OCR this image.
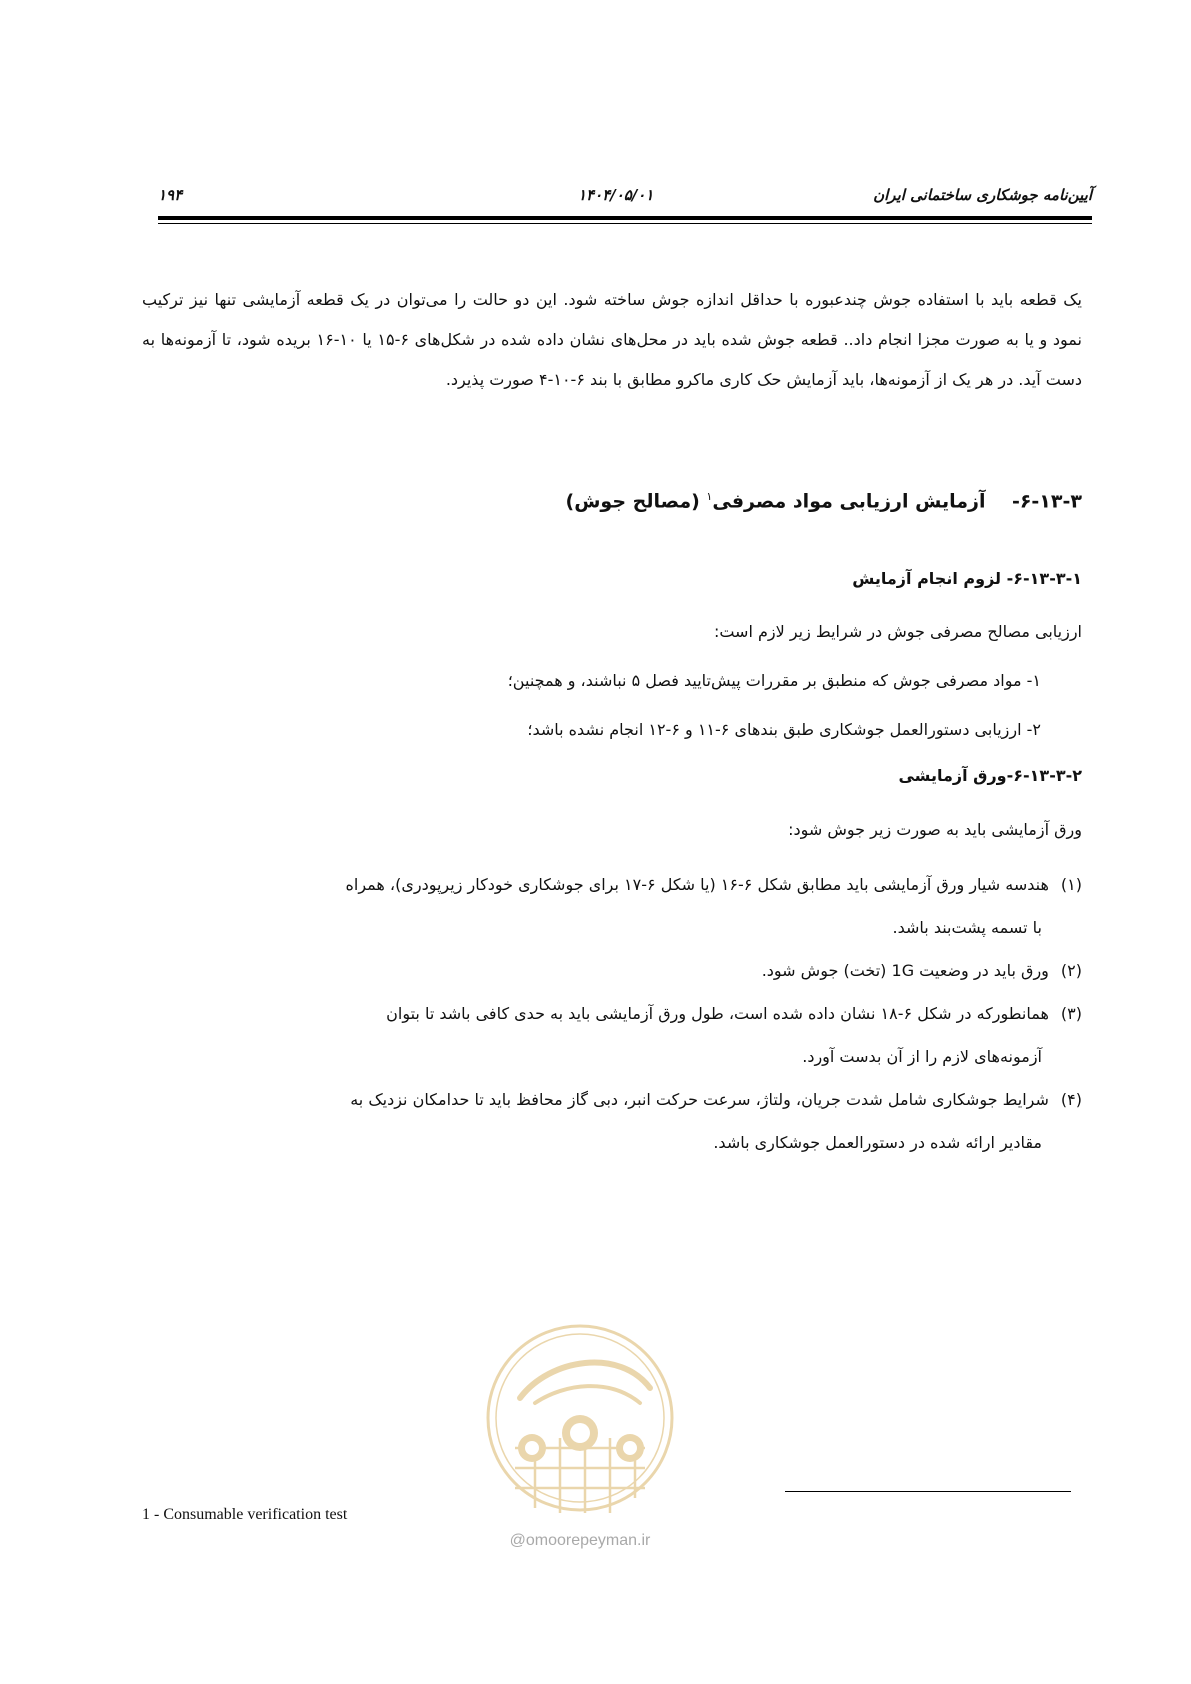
۱۹۴	۱۴۰۴/۰۵/۰۱	آیین‌نامه جوشکاری ساختمانی ایران

یک قطعه باید با استفاده جوش چندعبوره با حداقل اندازه جوش ساخته شود. این دو حالت را می‌توان در یک قطعه آزمایشی تنها نیز ترکیب نمود و یا به صورت مجزا انجام داد.. قطعه جوش شده باید در محل‌های نشان داده شده در شکل‌های ۶-۱۵ یا ۱۰-۱۶ بریده شود، تا آزمونه‌ها به دست آید. در هر یک از آزمونه‌ها، باید آزمایش حک کاری ماکرو مطابق با بند ۶-۱۰-۴ صورت پذیرد.

۶-۱۳-۳-    آزمایش ارزیابی مواد مصرفی$^۱$ (مصالح جوش)
۶-۱۳-۳-۱- لزوم انجام آزمایش
ارزیابی مصالح مصرفی جوش در شرایط زیر لازم است:
۱- مواد مصرفی جوش که منطبق بر مقررات پیش‌تایید فصل ۵ نباشند، و همچنین؛
۲- ارزیابی دستورالعمل جوشکاری طبق بندهای ۶-۱۱ و ۶-۱۲ انجام نشده باشد؛
۶-۱۳-۳-۲-ورق آزمایشی
ورق آزمایشی باید به صورت زیر جوش شود:
(۱)هندسه شیار ورق آزمایشی باید مطابق شکل ۶-۱۶ (یا شکل ۶-۱۷ برای جوشکاری خودکار زیرپودری)، همراه
با تسمه پشت‌بند باشد.
(۲)ورق باید در وضعیت 1G (تخت) جوش شود.
(۳)همانطورکه در شکل ۶-۱۸ نشان داده شده است، طول ورق آزمایشی باید به حدی کافی باشد تا بتوان
آزمونه‌های لازم را از آن بدست آورد.
(۴)شرایط جوشکاری شامل شدت جریان، ولتاژ، سرعت حرکت انبر، دبی گاز محافظ باید تا حدامکان نزدیک به
مقادیر ارائه شده در دستورالعمل جوشکاری باشد.
@omoorepeyman.ir
1 - Consumable verification test
